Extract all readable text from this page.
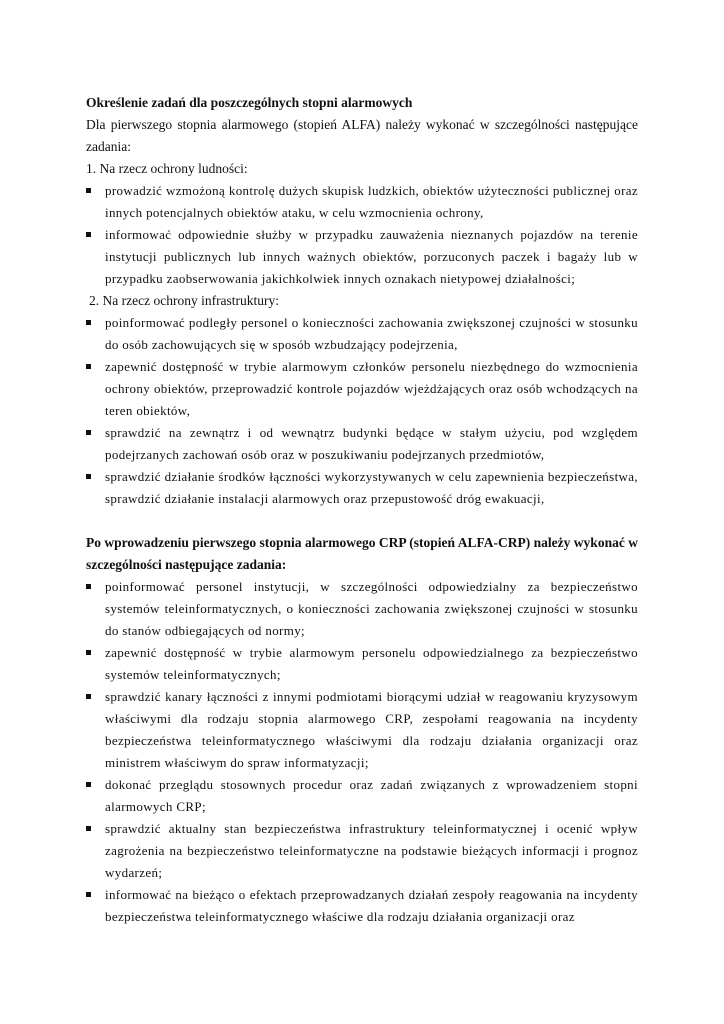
Określenie zadań dla poszczególnych stopni alarmowych

Dla pierwszego stopnia alarmowego (stopień ALFA) należy wykonać w szczególności następujące zadania:

1. Na rzecz ochrony ludności:

prowadzić wzmożoną kontrolę dużych skupisk ludzkich, obiektów użyteczności publicznej oraz innych potencjalnych obiektów ataku, w celu wzmocnienia ochrony,
informować odpowiednie służby w przypadku zauważenia nieznanych pojazdów na terenie instytucji publicznych lub innych ważnych obiektów, porzuconych paczek i bagaży lub w przypadku zaobserwowania jakichkolwiek innych oznakach nietypowej działalności;

2. Na rzecz ochrony infrastruktury:

poinformować podległy personel o konieczności zachowania zwiększonej czujności w stosunku do osób zachowujących się w sposób wzbudzający podejrzenia,
zapewnić dostępność w trybie alarmowym członków personelu niezbędnego do wzmocnienia ochrony obiektów, przeprowadzić kontrole pojazdów wjeżdżających oraz osób wchodzących na teren obiektów,
sprawdzić na zewnątrz i od wewnątrz budynki będące w stałym użyciu, pod względem podejrzanych zachowań osób oraz w poszukiwaniu podejrzanych przedmiotów,
sprawdzić działanie środków łączności wykorzystywanych w celu zapewnienia bezpieczeństwa, sprawdzić działanie instalacji alarmowych oraz przepustowość dróg ewakuacji,

Po wprowadzeniu pierwszego stopnia alarmowego CRP (stopień ALFA-CRP) należy wykonać w szczególności następujące zadania:

poinformować personel instytucji, w szczególności odpowiedzialny za bezpieczeństwo systemów teleinformatycznych, o konieczności zachowania zwiększonej czujności w stosunku do stanów odbiegających od normy;
zapewnić dostępność w trybie alarmowym personelu odpowiedzialnego za bezpieczeństwo systemów teleinformatycznych;
sprawdzić kanary łączności z innymi podmiotami biorącymi udział w reagowaniu kryzysowym właściwymi dla rodzaju stopnia alarmowego CRP, zespołami reagowania na incydenty bezpieczeństwa teleinformatycznego właściwymi dla rodzaju działania organizacji oraz ministrem właściwym do spraw informatyzacji;
dokonać przeglądu stosownych procedur oraz zadań związanych z wprowadzeniem stopni alarmowych CRP;
sprawdzić aktualny stan bezpieczeństwa infrastruktury teleinformatycznej i ocenić wpływ zagrożenia na bezpieczeństwo teleinformatyczne na podstawie bieżących informacji i prognoz wydarzeń;
informować na bieżąco o efektach przeprowadzanych działań zespoły reagowania na incydenty bezpieczeństwa teleinformatycznego właściwe dla rodzaju działania organizacji oraz
